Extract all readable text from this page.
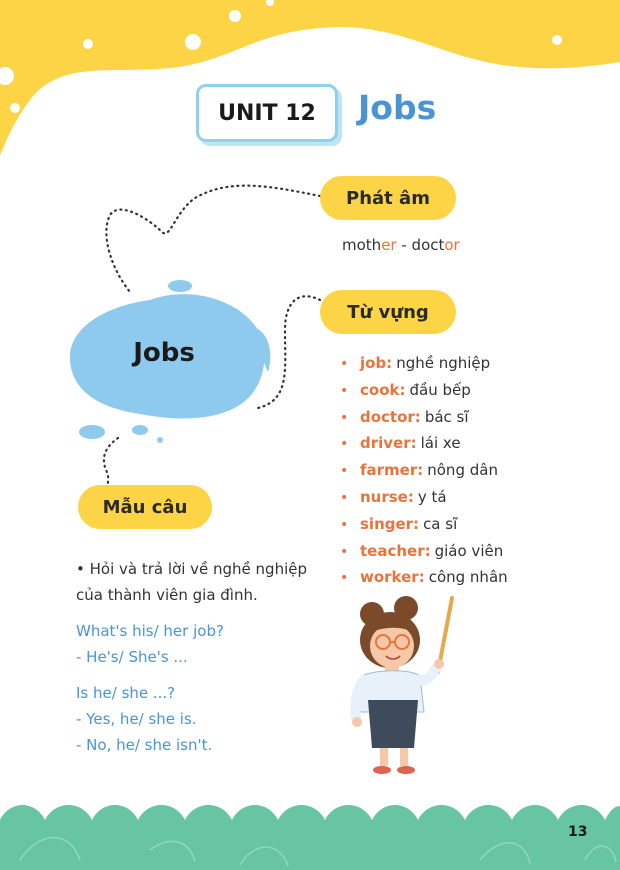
UNIT 12 Jobs
Jobs
Phát âm
mother - doctor
Từ vựng
• job: nghề nghiệp
• cook: đầu bếp
• doctor: bác sĩ
• driver: lái xe
• farmer: nông dân
• nurse: y tá
• singer: ca sĩ
• teacher: giáo viên
• worker: công nhân
Mẫu câu
• Hỏi và trả lời về nghề nghiệp
của thành viên gia đình.
What's his/ her job?
- He's/ She's ...
Is he/ she ...?
- Yes, he/ she is.
- No, he/ she isn't.
13
